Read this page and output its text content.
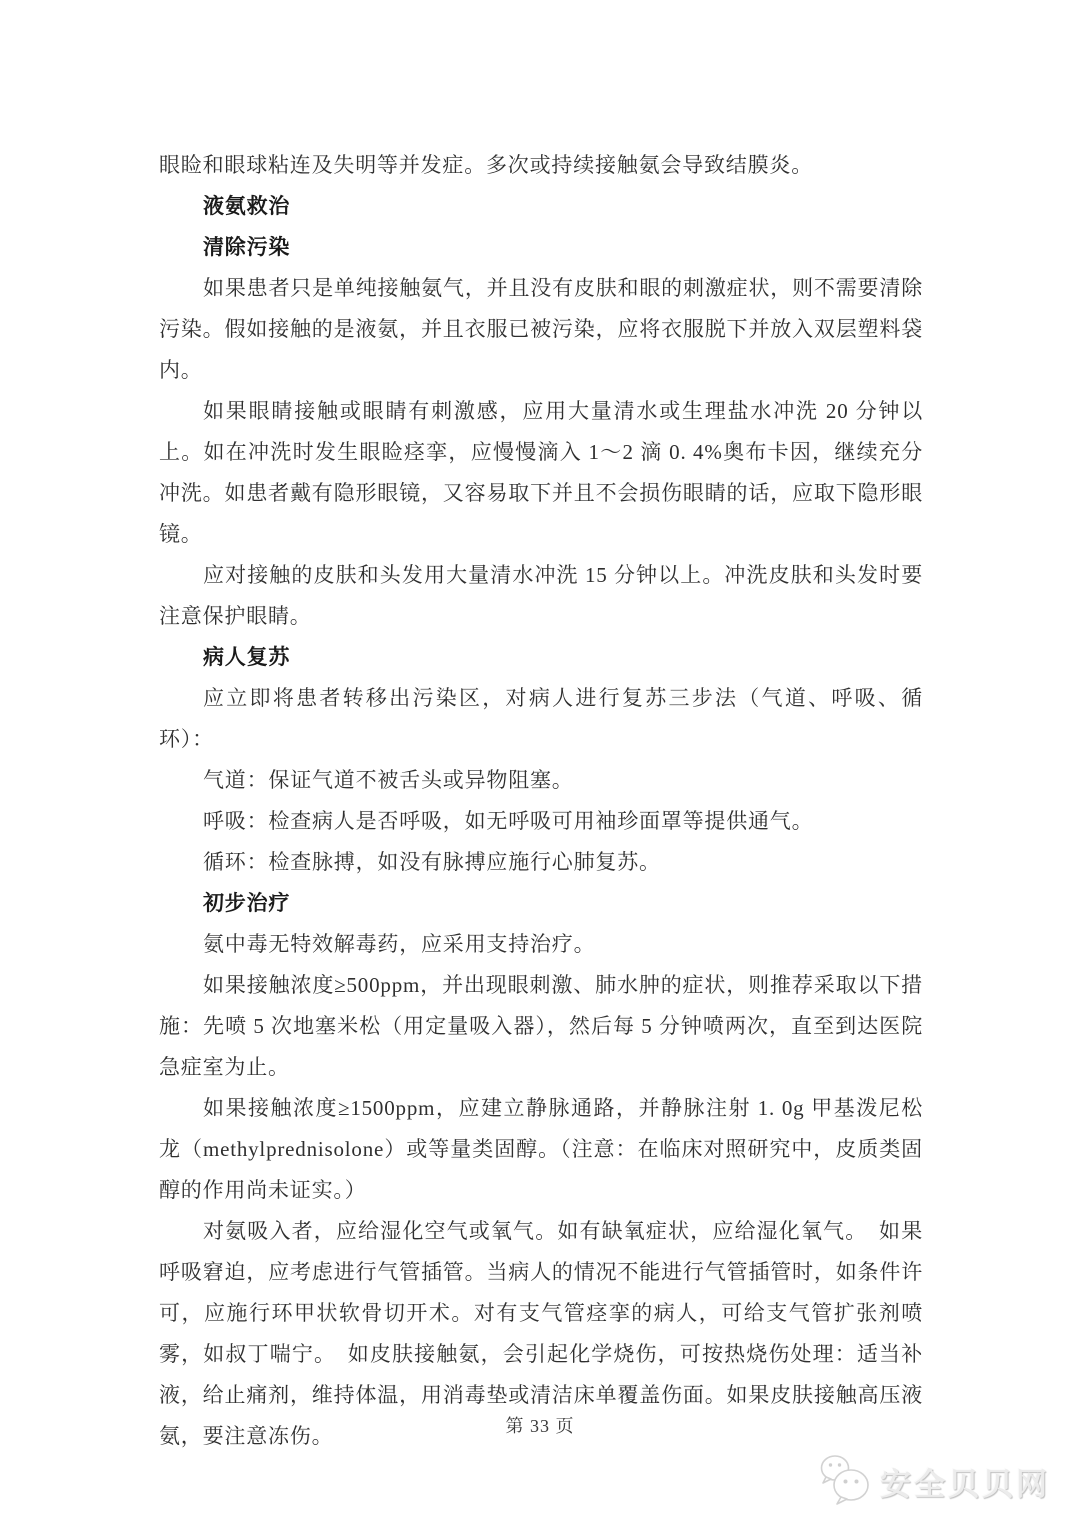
眼睑和眼球粘连及失明等并发症。多次或持续接触氨会导致结膜炎。

液氨救治

清除污染

如果患者只是单纯接触氨气，并且没有皮肤和眼的刺激症状，则不需要清除污染。假如接触的是液氨，并且衣服已被污染，应将衣服脱下并放入双层塑料袋内。

如果眼睛接触或眼睛有刺激感，应用大量清水或生理盐水冲洗 20 分钟以上。如在冲洗时发生眼睑痉挛，应慢慢滴入 1～2 滴 0. 4%奥布卡因，继续充分冲洗。如患者戴有隐形眼镜，又容易取下并且不会损伤眼睛的话，应取下隐形眼镜。

应对接触的皮肤和头发用大量清水冲洗 15 分钟以上。冲洗皮肤和头发时要注意保护眼睛。

病人复苏

应立即将患者转移出污染区，对病人进行复苏三步法（气道、呼吸、循环）：

气道：保证气道不被舌头或异物阻塞。

呼吸：检查病人是否呼吸，如无呼吸可用袖珍面罩等提供通气。

循环：检查脉搏，如没有脉搏应施行心肺复苏。

初步治疗

氨中毒无特效解毒药，应采用支持治疗。

如果接触浓度≥500ppm，并出现眼刺激、肺水肿的症状，则推荐采取以下措施：先喷 5 次地塞米松（用定量吸入器），然后每 5 分钟喷两次，直至到达医院急症室为止。

如果接触浓度≥1500ppm，应建立静脉通路，并静脉注射 1. 0g 甲基泼尼松龙（methylprednisolone）或等量类固醇。（注意：在临床对照研究中，皮质类固醇的作用尚未证实。）

对氨吸入者，应给湿化空气或氧气。如有缺氧症状，应给湿化氧气。　如果呼吸窘迫，应考虑进行气管插管。当病人的情况不能进行气管插管时，如条件许可，应施行环甲状软骨切开术。对有支气管痉挛的病人，可给支气管扩张剂喷雾，如叔丁喘宁。　如皮肤接触氨，会引起化学烧伤，可按热烧伤处理：适当补液，给止痛剂，维持体温，用消毒垫或清洁床单覆盖伤面。如果皮肤接触高压液氨，要注意冻伤。	第 33 页
安全贝贝网
